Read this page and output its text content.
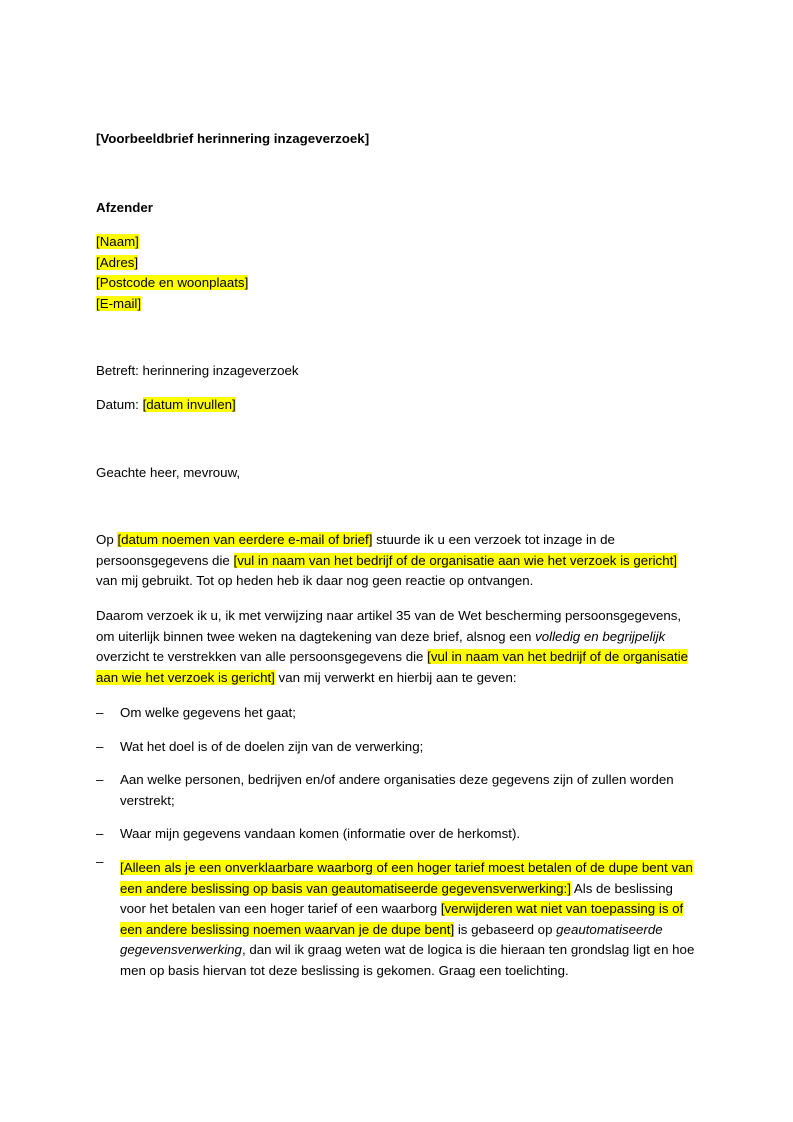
[Voorbeeldbrief herinnering inzageverzoek]
Afzender
[Naam]
[Adres]
[Postcode en woonplaats]
[E-mail]
Betreft: herinnering inzageverzoek
Datum: [datum invullen]
Geachte heer, mevrouw,

Op [datum noemen van eerdere e-mail of brief] stuurde ik u een verzoek tot inzage in de persoonsgegevens die [vul in naam van het bedrijf of de organisatie aan wie het verzoek is gericht] van mij gebruikt. Tot op heden heb ik daar nog geen reactie op ontvangen.

Daarom verzoek ik u, ik met verwijzing naar artikel 35 van de Wet bescherming persoonsgegevens, om uiterlijk binnen twee weken na dagtekening van deze brief, alsnog een volledig en begrijpelijk overzicht te verstrekken van alle persoonsgegevens die [vul in naam van het bedrijf of de organisatie aan wie het verzoek is gericht] van mij verwerkt en hierbij aan te geven:

–	Om welke gegevens het gaat;
–	Wat het doel is of de doelen zijn van de verwerking;
–	Aan welke personen, bedrijven en/of andere organisaties deze gegevens zijn of zullen worden verstrekt;
–	Waar mijn gegevens vandaan komen (informatie over de herkomst).
–	[Alleen als je een onverklaarbare waarborg of een hoger tarief moest betalen of de dupe bent van een andere beslissing op basis van geautomatiseerde gegevensverwerking:] Als de beslissing voor het betalen van een hoger tarief of een waarborg [verwijderen wat niet van toepassing is of een andere beslissing noemen waarvan je de dupe bent] is gebaseerd op geautomatiseerde gegevensverwerking, dan wil ik graag weten wat de logica is die hieraan ten grondslag ligt en hoe men op basis hiervan tot deze beslissing is gekomen. Graag een toelichting.
